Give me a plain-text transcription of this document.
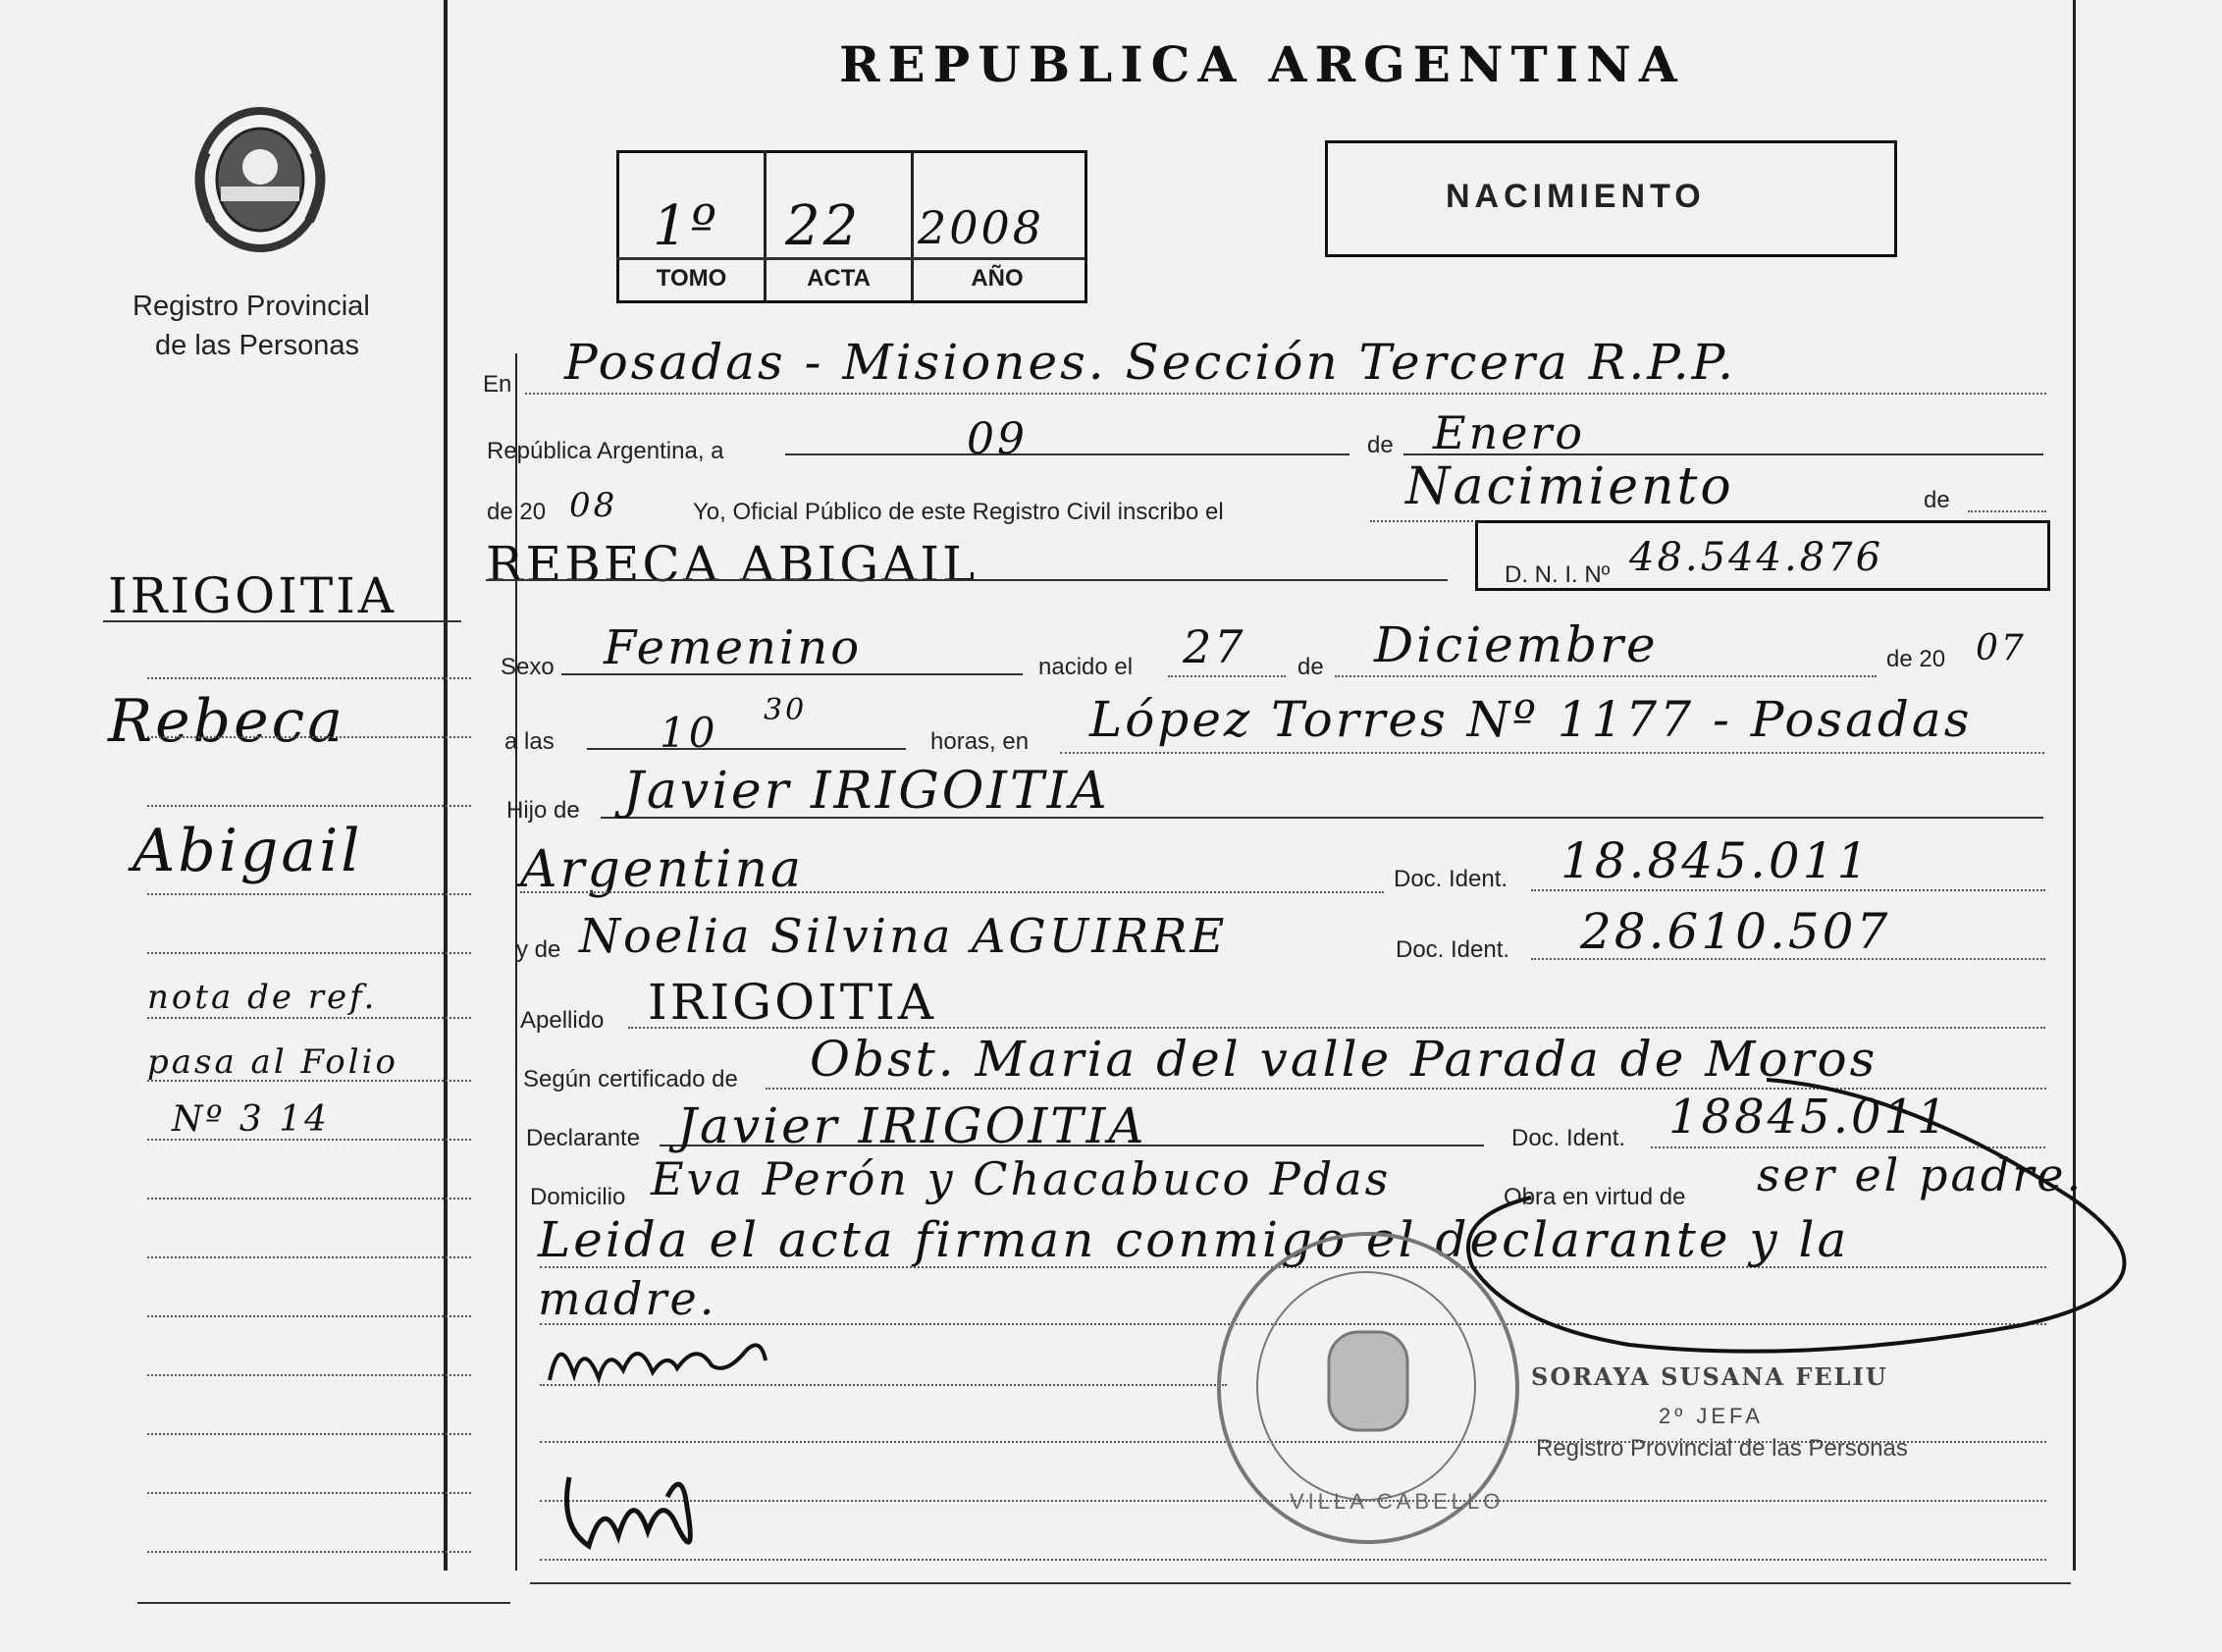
REPUBLICA ARGENTINA
Registro Provincial
de las Personas
1º 22 2008
TOMO	ACTA	AÑO
NACIMIENTO
IRIGOITIA
Rebeca
Abigail
nota de ref.
pasa al Folio
Nº 3 14
En Posadas - Misiones. Sección Tercera R.P.P.
República Argentina, a	09	de Enero
de 20 08	Yo, Oficial Público de este Registro Civil inscribo el	Nacimiento	de
REBECA ABIGAIL	D. N. I. Nº 48.544.876
Sexo Femenino	nacido el 27 de Diciembre	de 20 07
a las	10 30
horas, en López Torres Nº 1177 - Posadas
Hijo de Javier IRIGOITIA
Argentina	Doc. Ident. 18.845.011
y de Noelia Silvina AGUIRRE	Doc. Ident. 28.610.507
Apellido IRIGOITIA
Según certificado de Obst. Maria del valle Parada de Moros
Declarante Javier IRIGOITIA	Doc. Ident. 18845.011
Domicilio Eva Perón y Chacabuco Pdas	Obra en virtud de ser el padre.
Leida el acta firman conmigo el declarante y la
madre.
VILLA CABELLO
SORAYA SUSANA FELIU
2º JEFA
Registro Provincial de las Personas
